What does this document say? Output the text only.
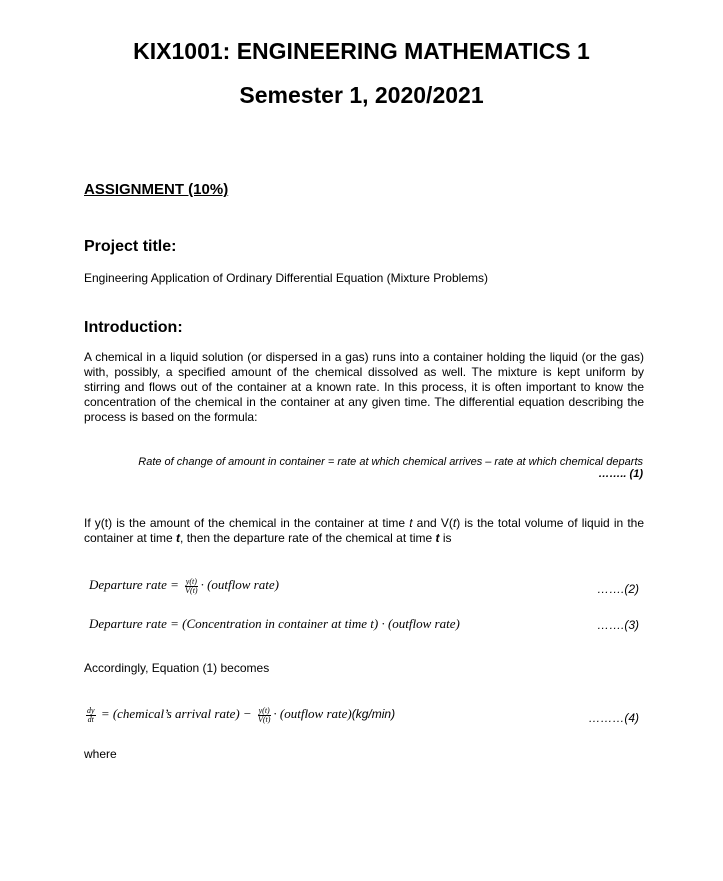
KIX1001: ENGINEERING MATHEMATICS 1
Semester 1, 2020/2021
ASSIGNMENT (10%)
Project title:
Engineering Application of Ordinary Differential Equation (Mixture Problems)
Introduction:
A chemical in a liquid solution (or dispersed in a gas) runs into a container holding the liquid (or the gas) with, possibly, a specified amount of the chemical dissolved as well. The mixture is kept uniform by stirring and flows out of the container at a known rate. In this process, it is often important to know the concentration of the chemical in the container at any given time. The differential equation describing the process is based on the formula:
Rate of change of amount in container = rate at which chemical arrives – rate at which chemical departs
…….. (1)
If y(t) is the amount of the chemical in the container at time t and V(t) is the total volume of liquid in the container at time t, then the departure rate of the chemical at time t is
Departure rate = $\frac{y(t)}{V(t)}$ · (outflow rate)	…….(2)
Departure rate = (Concentration in container at time t) · (outflow rate)	…….(3)
Accordingly, Equation (1) becomes
$\frac{dy}{dt}$ = (chemical’s arrival rate) − $\frac{y(t)}{V(t)}$ · (outflow rate)(kg/min)	………(4)
where
